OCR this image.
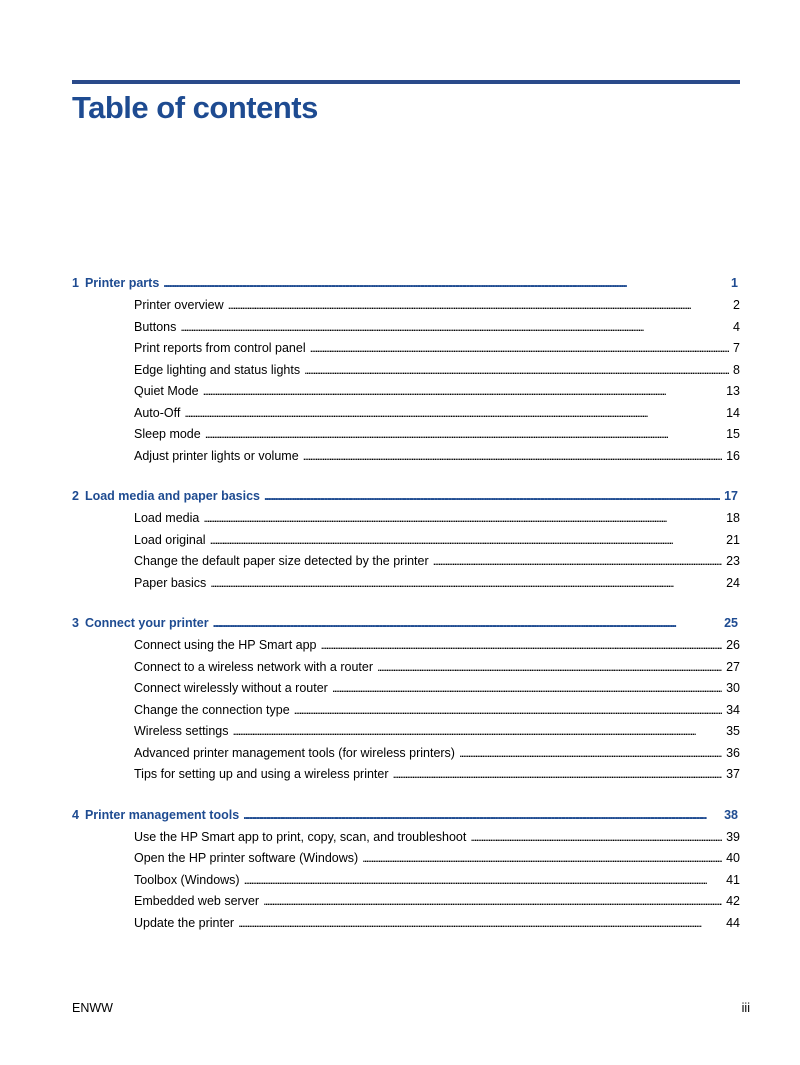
Table of contents
1 Printer parts . . .	1
Printer overview . . .	2
Buttons . . .	4
Print reports from control panel . . .	7
Edge lighting and status lights . . .	8
Quiet Mode . . .	13
Auto-Off . . .	14
Sleep mode . . .	15
Adjust printer lights or volume . . .	16
2 Load media and paper basics . . .	17
Load media . . .	18
Load original . . .	21
Change the default paper size detected by the printer . . .	23
Paper basics . . .	24
3 Connect your printer . . .	25
Connect using the HP Smart app . . .	26
Connect to a wireless network with a router . . .	27
Connect wirelessly without a router . . .	30
Change the connection type . . .	34
Wireless settings . . .	35
Advanced printer management tools (for wireless printers) . . .	36
Tips for setting up and using a wireless printer . . .	37
4 Printer management tools . . .	38
Use the HP Smart app to print, copy, scan, and troubleshoot . . .	39
Open the HP printer software (Windows) . . .	40
Toolbox (Windows) . . .	41
Embedded web server . . .	42
Update the printer . . .	44
ENWW	iii
